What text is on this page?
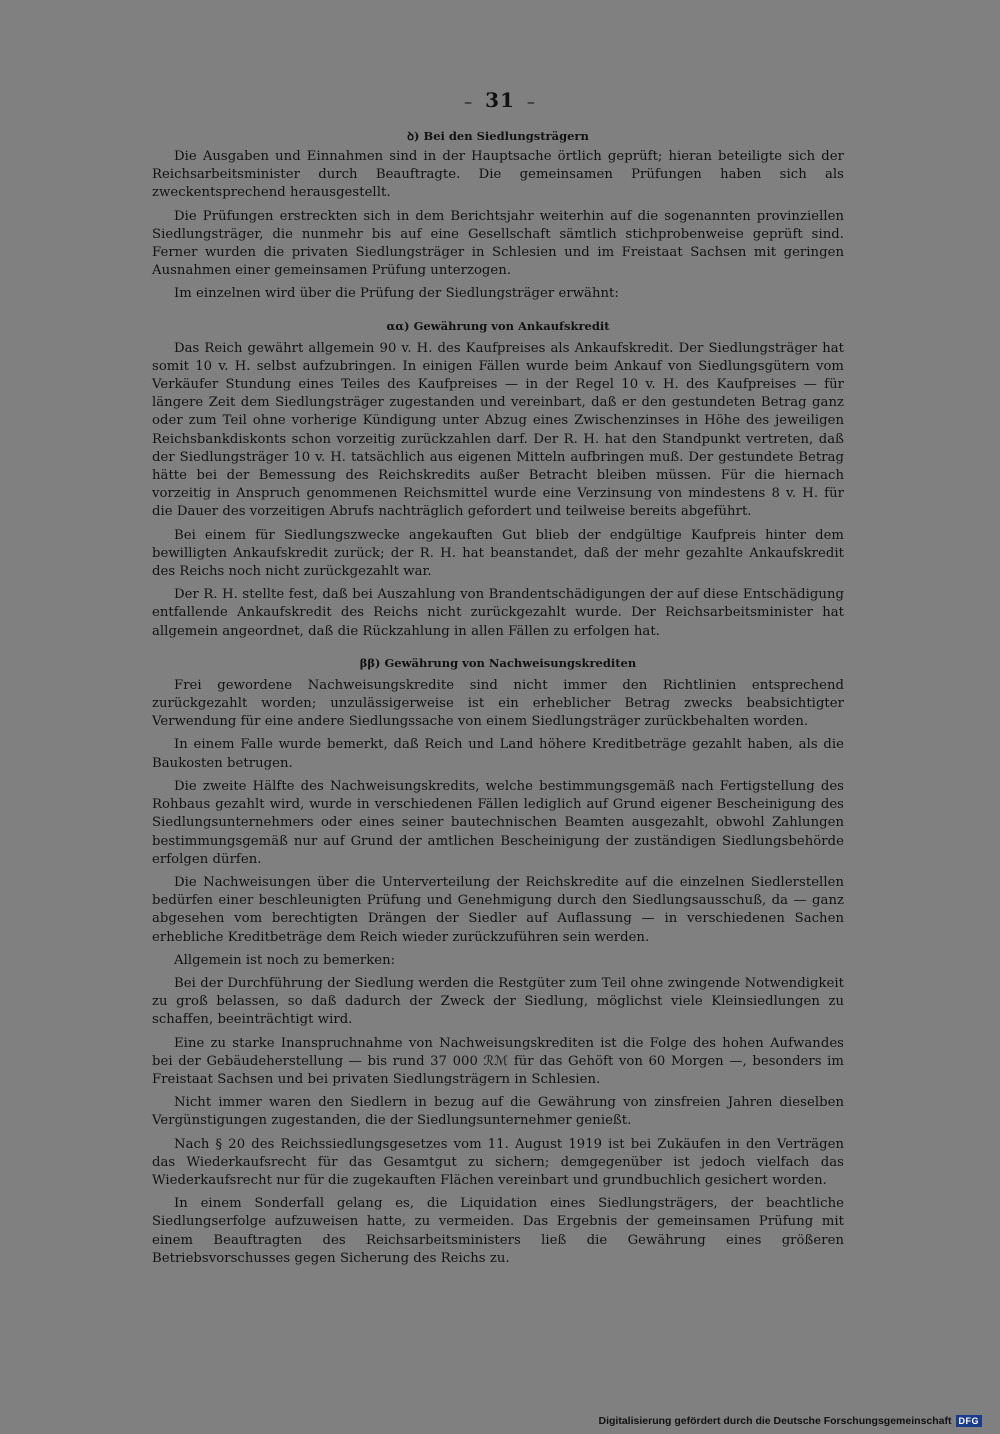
– 31 –
ꝺ) Bei den Siedlungsträgern

Die Ausgaben und Einnahmen sind in der Hauptsache örtlich geprüft; hieran beteiligte sich der Reichsarbeitsminister durch Beauftragte. Die gemeinsamen Prüfungen haben sich als zweckentsprechend herausgestellt.

Die Prüfungen erstreckten sich in dem Berichtsjahr weiterhin auf die sogenannten provinziellen Siedlungsträger, die nunmehr bis auf eine Gesellschaft sämtlich stichprobenweise geprüft sind. Ferner wurden die privaten Siedlungsträger in Schlesien und im Freistaat Sachsen mit geringen Ausnahmen einer gemeinsamen Prüfung unterzogen.

Im einzelnen wird über die Prüfung der Siedlungsträger erwähnt:

αα) Gewährung von Ankaufskredit

Das Reich gewährt allgemein 90 v. H. des Kaufpreises als Ankaufskredit. Der Siedlungsträger hat somit 10 v. H. selbst aufzubringen. In einigen Fällen wurde beim Ankauf von Siedlungsgütern vom Verkäufer Stundung eines Teiles des Kaufpreises — in der Regel 10 v. H. des Kaufpreises — für längere Zeit dem Siedlungsträger zugestanden und vereinbart, daß er den gestundeten Betrag ganz oder zum Teil ohne vorherige Kündigung unter Abzug eines Zwischenzinses in Höhe des jeweiligen Reichsbankdiskonts schon vorzeitig zurückzahlen darf. Der R. H. hat den Standpunkt vertreten, daß der Siedlungsträger 10 v. H. tatsächlich aus eigenen Mitteln aufbringen muß. Der gestundete Betrag hätte bei der Bemessung des Reichskredits außer Betracht bleiben müssen. Für die hiernach vorzeitig in Anspruch genommenen Reichsmittel wurde eine Verzinsung von mindestens 8 v. H. für die Dauer des vorzeitigen Abrufs nachträglich gefordert und teilweise bereits abgeführt.

Bei einem für Siedlungszwecke angekauften Gut blieb der endgültige Kaufpreis hinter dem bewilligten Ankaufskredit zurück; der R. H. hat beanstandet, daß der mehr gezahlte Ankaufskredit des Reichs noch nicht zurückgezahlt war.

Der R. H. stellte fest, daß bei Auszahlung von Brandentschädigungen der auf diese Entschädigung entfallende Ankaufskredit des Reichs nicht zurückgezahlt wurde. Der Reichsarbeitsminister hat allgemein angeordnet, daß die Rückzahlung in allen Fällen zu erfolgen hat.

ββ) Gewährung von Nachweisungskrediten

Frei gewordene Nachweisungskredite sind nicht immer den Richtlinien entsprechend zurückgezahlt worden; unzulässigerweise ist ein erheblicher Betrag zwecks beabsichtigter Verwendung für eine andere Siedlungssache von einem Siedlungsträger zurückbehalten worden.

In einem Falle wurde bemerkt, daß Reich und Land höhere Kreditbeträge gezahlt haben, als die Baukosten betrugen.

Die zweite Hälfte des Nachweisungskredits, welche bestimmungsgemäß nach Fertigstellung des Rohbaus gezahlt wird, wurde in verschiedenen Fällen lediglich auf Grund eigener Bescheinigung des Siedlungsunternehmers oder eines seiner bautechnischen Beamten ausgezahlt, obwohl Zahlungen bestimmungsgemäß nur auf Grund der amtlichen Bescheinigung der zuständigen Siedlungsbehörde erfolgen dürfen.

Die Nachweisungen über die Unterverteilung der Reichskredite auf die einzelnen Siedlerstellen bedürfen einer beschleunigten Prüfung und Genehmigung durch den Siedlungsausschuß, da — ganz abgesehen vom berechtigten Drängen der Siedler auf Auflassung — in verschiedenen Sachen erhebliche Kreditbeträge dem Reich wieder zurückzuführen sein werden.

Allgemein ist noch zu bemerken:

Bei der Durchführung der Siedlung werden die Restgüter zum Teil ohne zwingende Notwendigkeit zu groß belassen, so daß dadurch der Zweck der Siedlung, möglichst viele Kleinsiedlungen zu schaffen, beeinträchtigt wird.

Eine zu starke Inanspruchnahme von Nachweisungskrediten ist die Folge des hohen Aufwandes bei der Gebäudeherstellung — bis rund 37 000 ℛℳ für das Gehöft von 60 Morgen —, besonders im Freistaat Sachsen und bei privaten Siedlungsträgern in Schlesien.

Nicht immer waren den Siedlern in bezug auf die Gewährung von zinsfreien Jahren dieselben Vergünstigungen zugestanden, die der Siedlungsunternehmer genießt.

Nach § 20 des Reichssiedlungsgesetzes vom 11. August 1919 ist bei Zukäufen in den Verträgen das Wiederkaufsrecht für das Gesamtgut zu sichern; demgegenüber ist jedoch vielfach das Wiederkaufsrecht nur für die zugekauften Flächen vereinbart und grundbuchlich gesichert worden.

In einem Sonderfall gelang es, die Liquidation eines Siedlungsträgers, der beachtliche Siedlungserfolge aufzuweisen hatte, zu vermeiden. Das Ergebnis der gemeinsamen Prüfung mit einem Beauftragten des Reichsarbeitsministers ließ die Gewährung eines größeren Betriebsvorschusses gegen Sicherung des Reichs zu.

Digitalisierung gefördert durch die Deutsche Forschungsgemeinschaft DFG
